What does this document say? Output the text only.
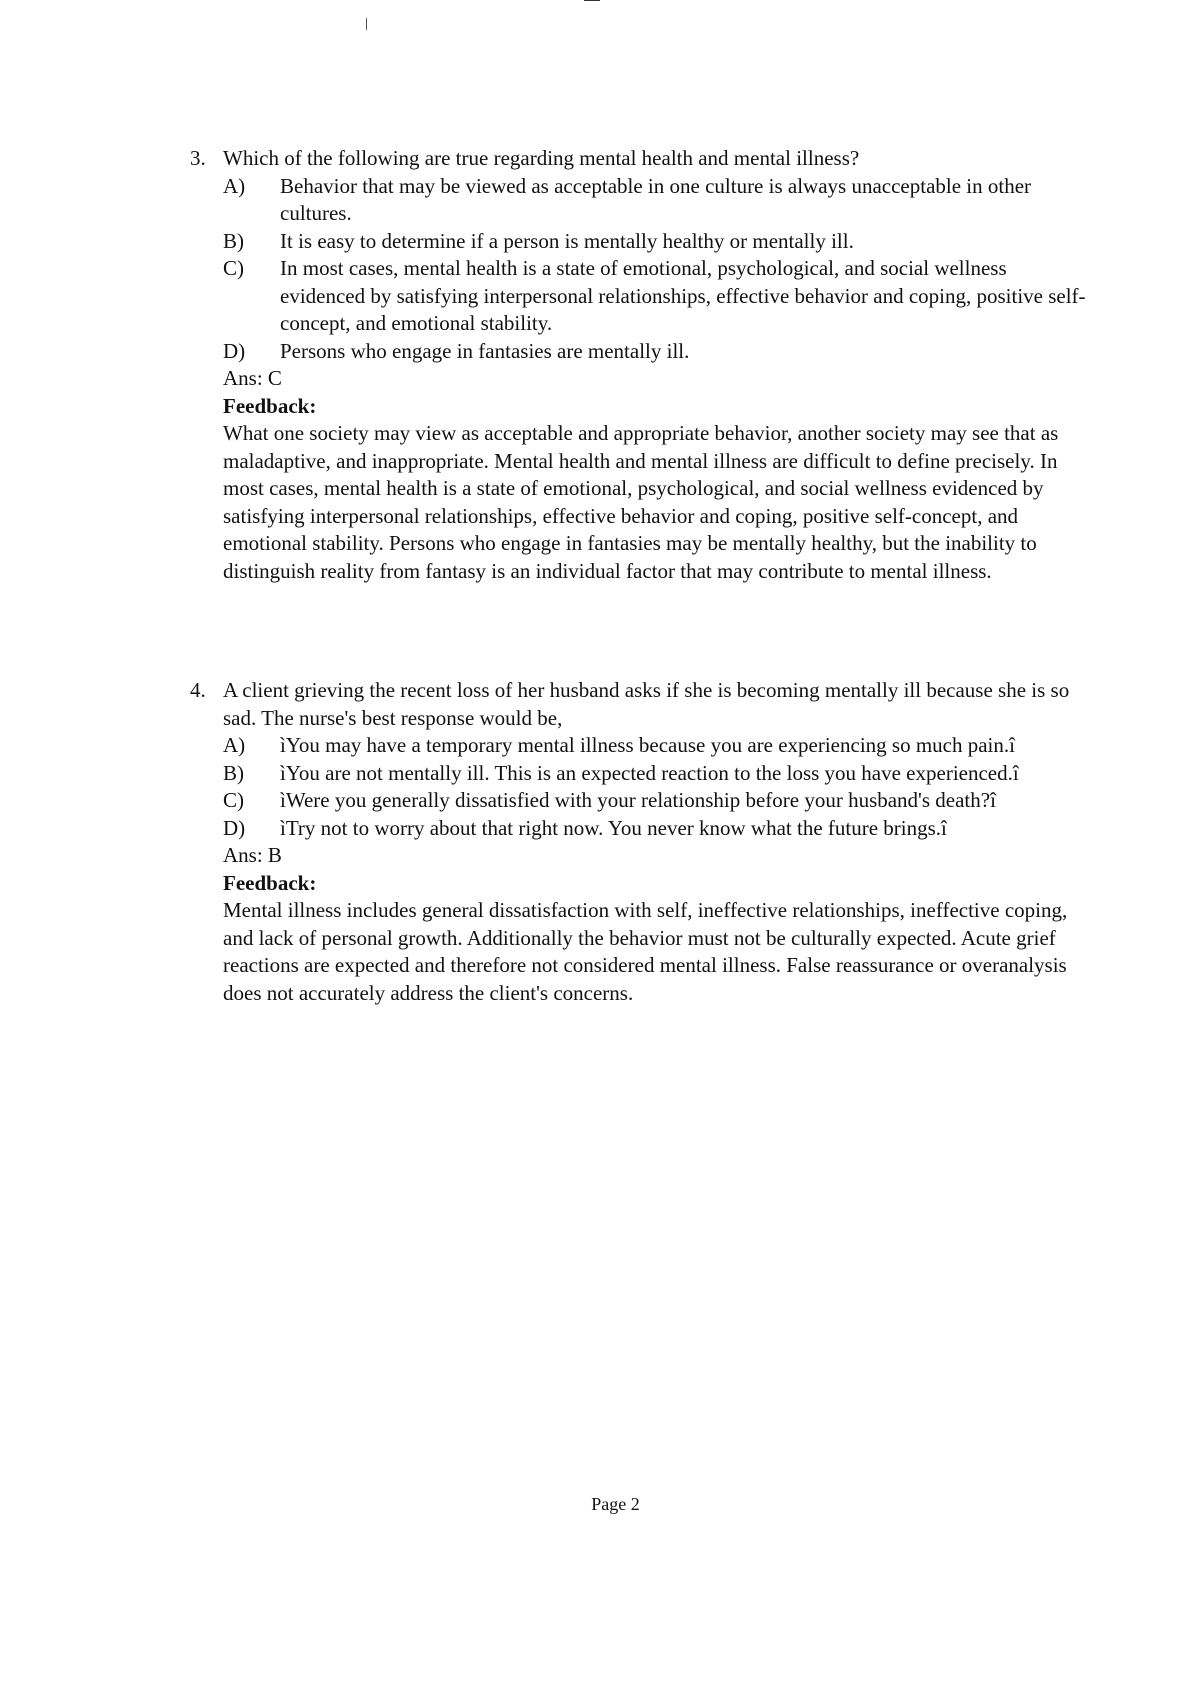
3. Which of the following are true regarding mental health and mental illness?
A) Behavior that may be viewed as acceptable in one culture is always unacceptable in other cultures.
B) It is easy to determine if a person is mentally healthy or mentally ill.
C) In most cases, mental health is a state of emotional, psychological, and social wellness evidenced by satisfying interpersonal relationships, effective behavior and coping, positive self-concept, and emotional stability.
D) Persons who engage in fantasies are mentally ill.
Ans: C
Feedback:
What one society may view as acceptable and appropriate behavior, another society may see that as maladaptive, and inappropriate. Mental health and mental illness are difficult to define precisely. In most cases, mental health is a state of emotional, psychological, and social wellness evidenced by satisfying interpersonal relationships, effective behavior and coping, positive self-concept, and emotional stability. Persons who engage in fantasies may be mentally healthy, but the inability to distinguish reality from fantasy is an individual factor that may contribute to mental illness.
4. A client grieving the recent loss of her husband asks if she is becoming mentally ill because she is so sad. The nurse's best response would be,
A) ìYou may have a temporary mental illness because you are experiencing so much pain.î
B) ìYou are not mentally ill. This is an expected reaction to the loss you have experienced.î
C) ìWere you generally dissatisfied with your relationship before your husband's death?î
D) ìTry not to worry about that right now. You never know what the future brings.î
Ans: B
Feedback:
Mental illness includes general dissatisfaction with self, ineffective relationships, ineffective coping, and lack of personal growth. Additionally the behavior must not be culturally expected. Acute grief reactions are expected and therefore not considered mental illness. False reassurance or overanalysis does not accurately address the client's concerns.
Page 2
